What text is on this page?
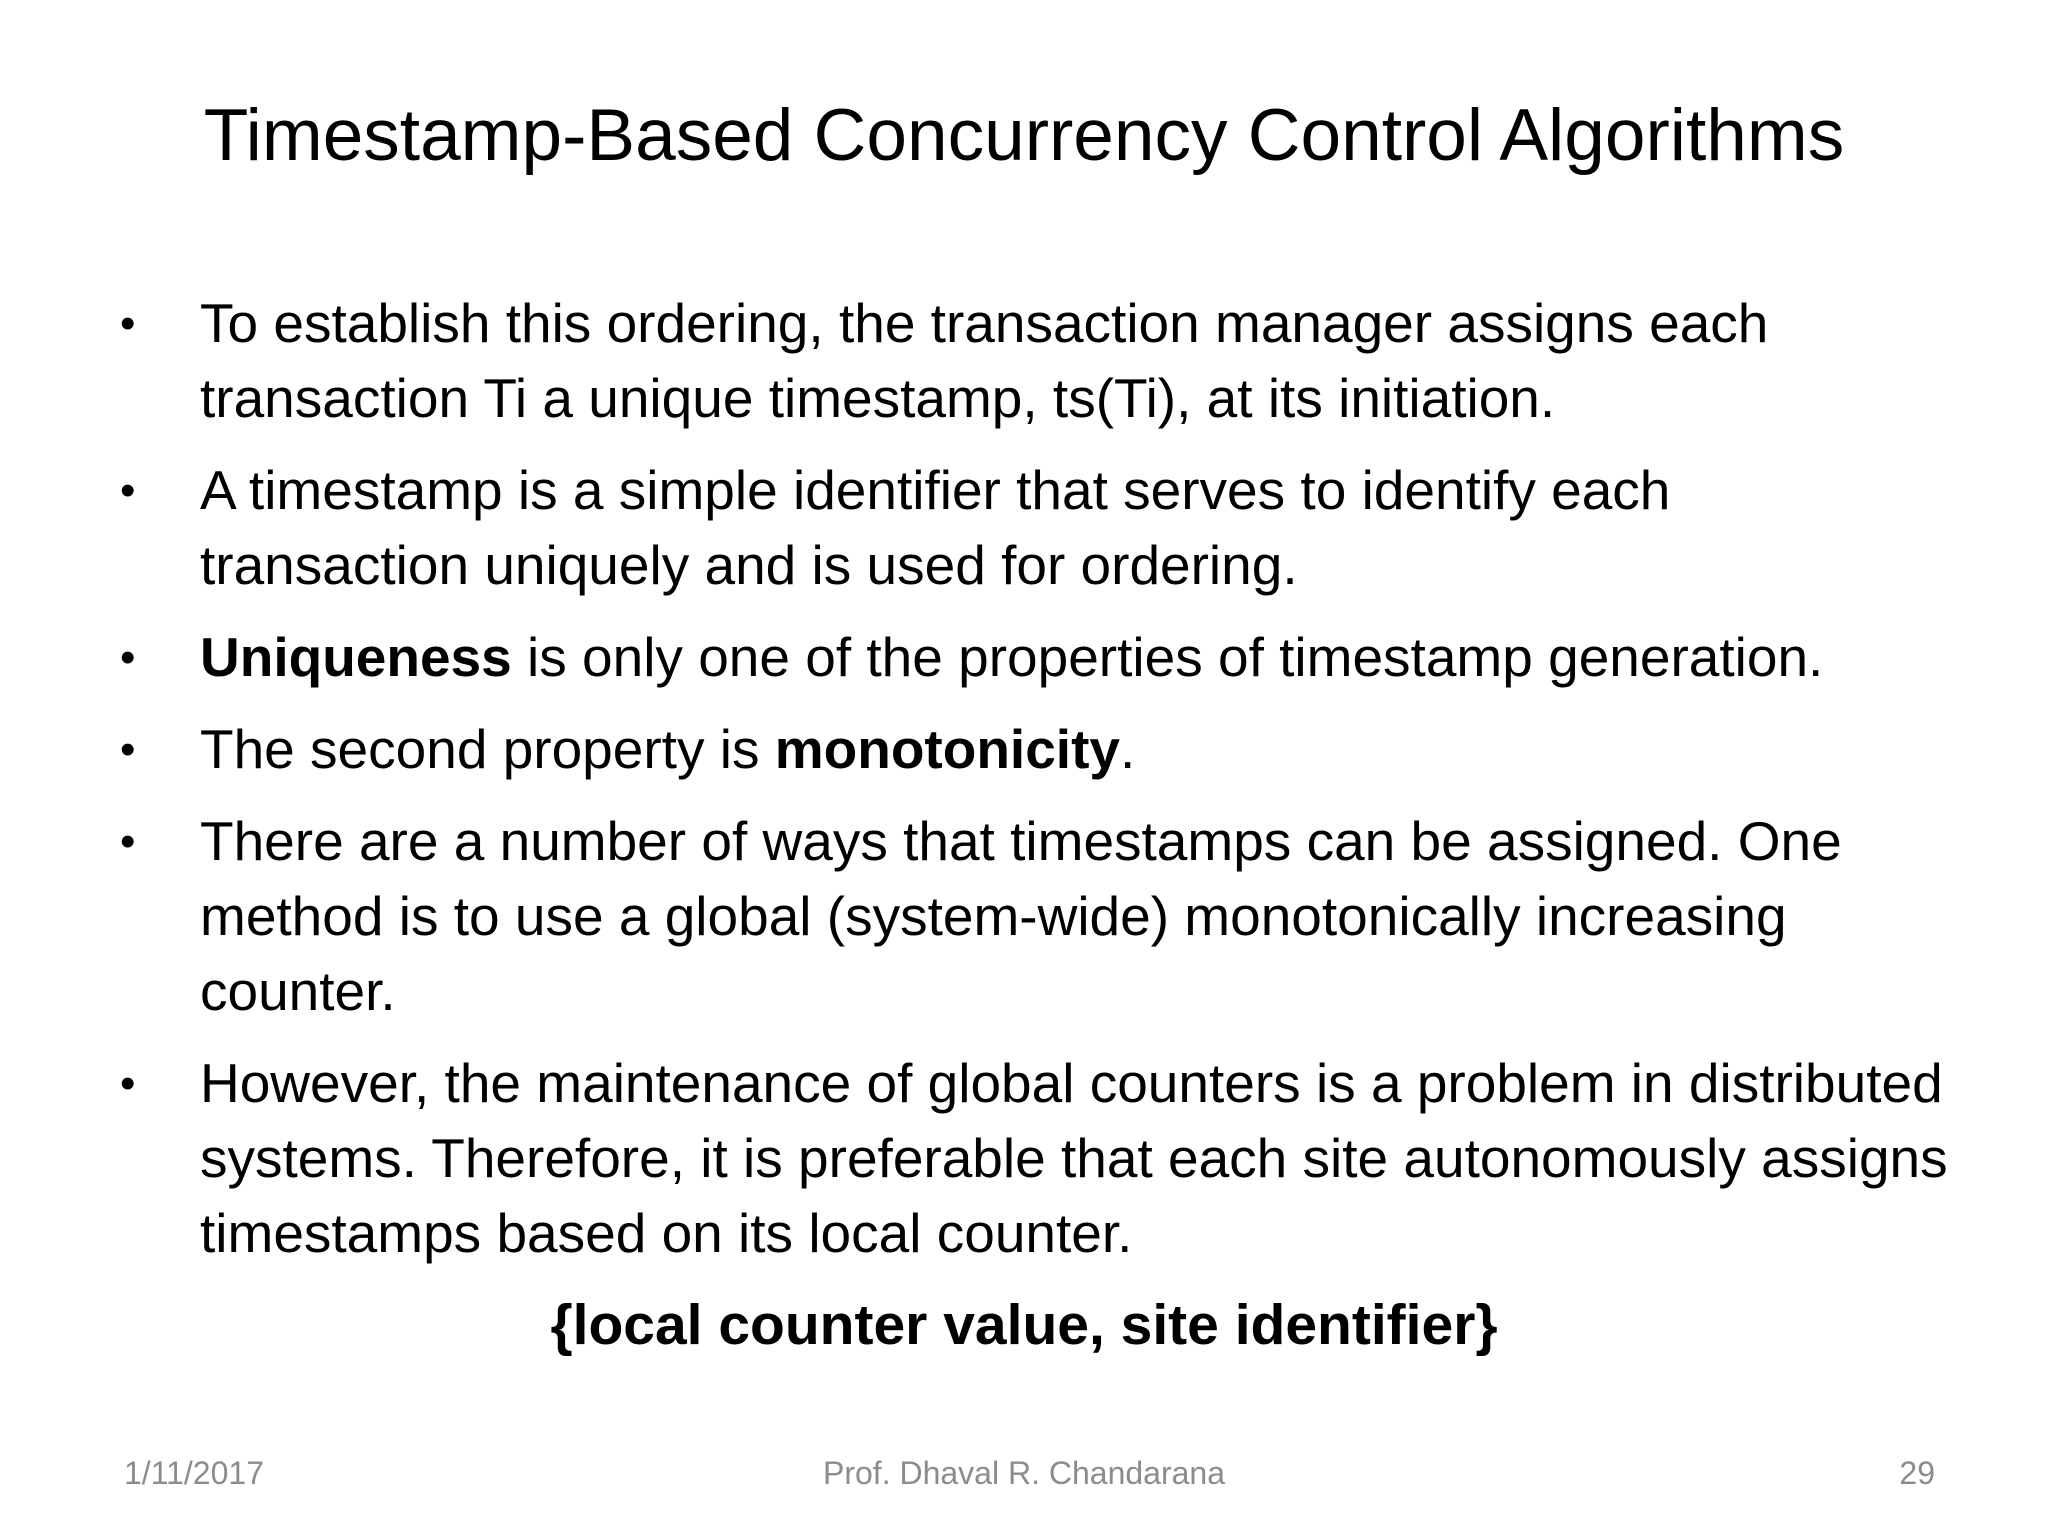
Timestamp-Based Concurrency Control Algorithms
•	To establish this ordering, the transaction manager assigns each transaction Ti a unique timestamp, ts(Ti), at its initiation.
•	A timestamp is a simple identifier that serves to identify each transaction uniquely and is used for ordering.
•	Uniqueness is only one of the properties of timestamp generation.
•	The second property is monotonicity.
•	There are a number of ways that timestamps can be assigned. One method is to use a global (system-wide) monotonically increasing counter.
•	However, the maintenance of global counters is a problem in distributed systems. Therefore, it is preferable that each site autonomously assigns timestamps based on its local counter.
{local counter value, site identifier}
1/11/2017	Prof. Dhaval R. Chandarana	29
